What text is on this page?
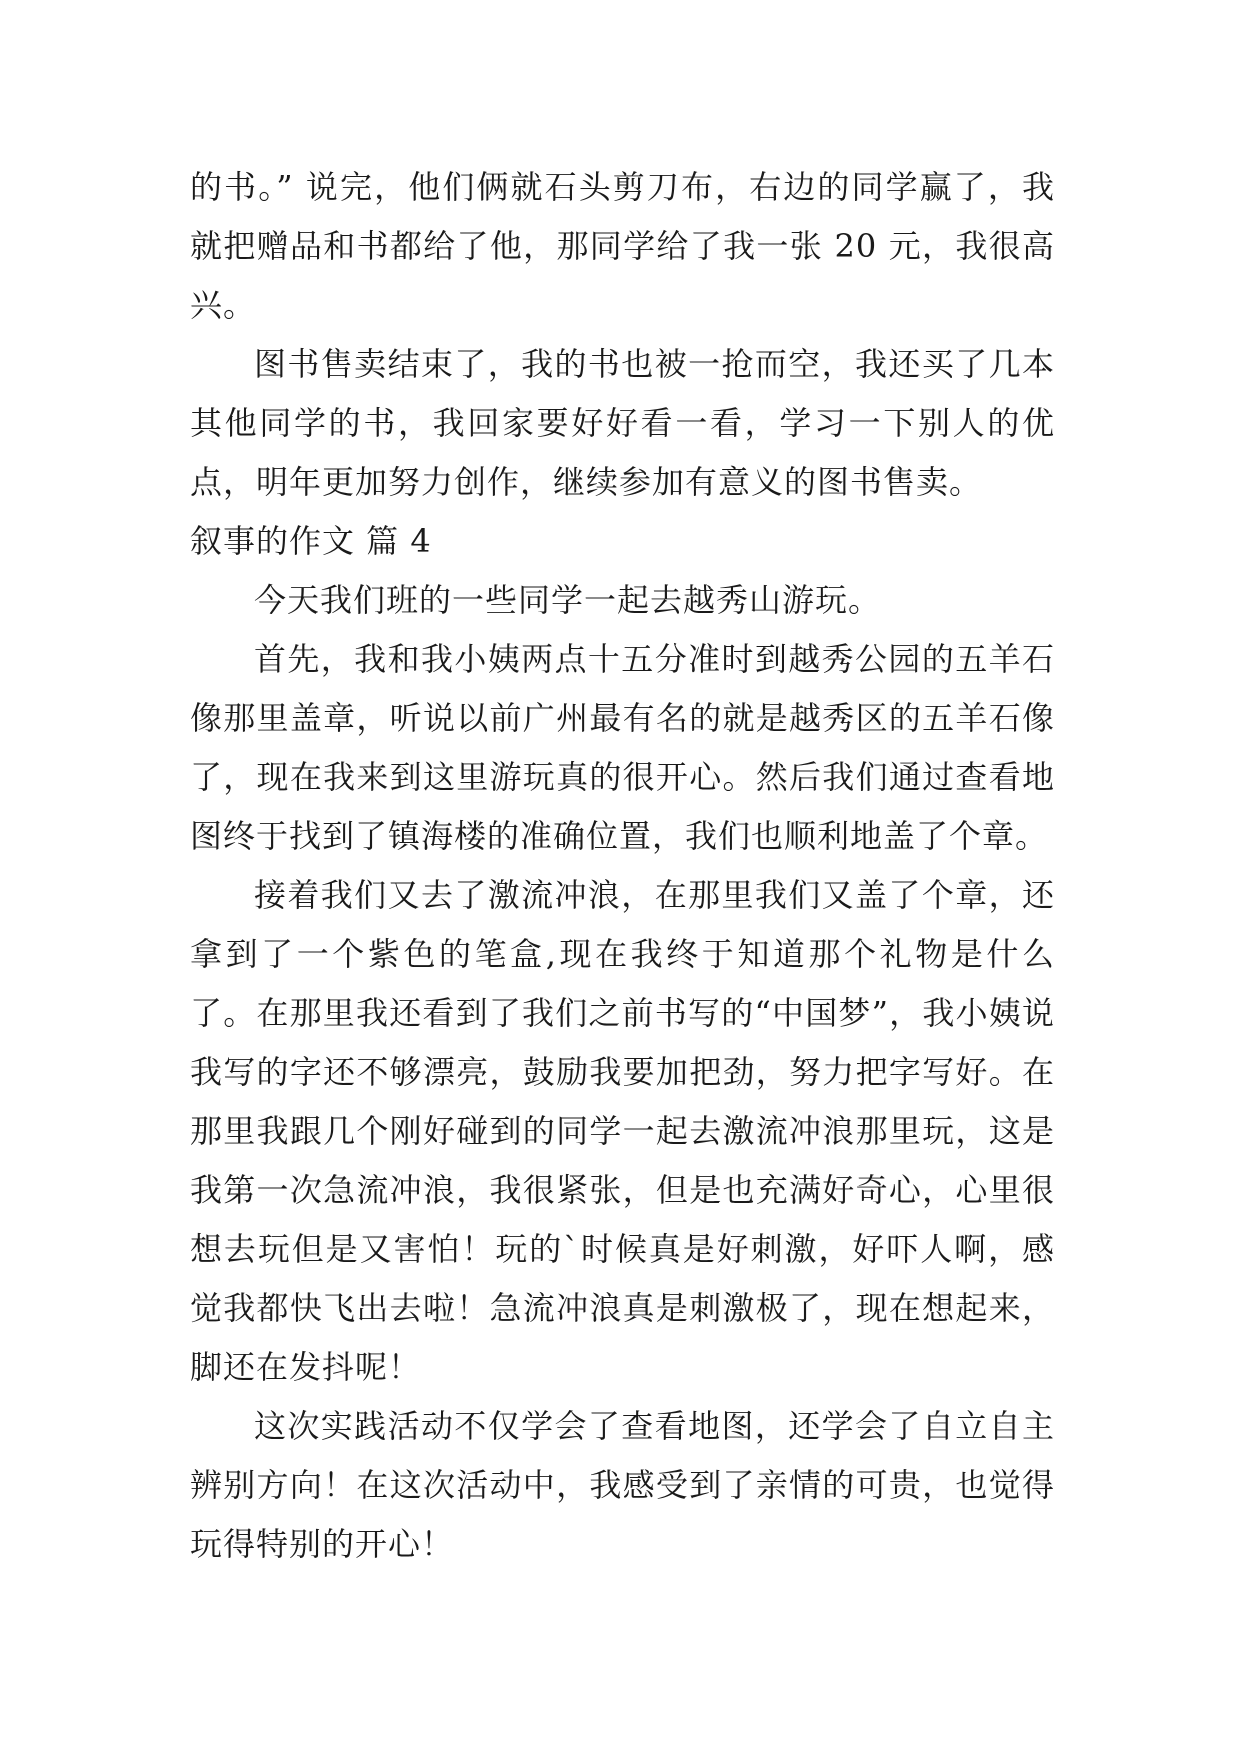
的书。” 说完，他们俩就石头剪刀布，右边的同学赢了，我就把赠品和书都给了他，那同学给了我一张 20 元，我很高兴。

图书售卖结束了，我的书也被一抢而空，我还买了几本其他同学的书，我回家要好好看一看，学习一下别人的优点，明年更加努力创作，继续参加有意义的图书售卖。

叙事的作文 篇 4

今天我们班的一些同学一起去越秀山游玩。

首先，我和我小姨两点十五分准时到越秀公园的五羊石像那里盖章，听说以前广州最有名的就是越秀区的五羊石像了，现在我来到这里游玩真的很开心。然后我们通过查看地图终于找到了镇海楼的准确位置，我们也顺利地盖了个章。

接着我们又去了激流冲浪，在那里我们又盖了个章，还拿到了一个紫色的笔盒,现在我终于知道那个礼物是什么了。在那里我还看到了我们之前书写的“中国梦”，我小姨说我写的字还不够漂亮，鼓励我要加把劲，努力把字写好。在那里我跟几个刚好碰到的同学一起去激流冲浪那里玩，这是我第一次急流冲浪，我很紧张，但是也充满好奇心，心里很想去玩但是又害怕！玩的`时候真是好刺激，好吓人啊，感觉我都快飞出去啦！急流冲浪真是刺激极了，现在想起来，脚还在发抖呢！

这次实践活动不仅学会了查看地图，还学会了自立自主辨别方向！在这次活动中，我感受到了亲情的可贵，也觉得玩得特别的开心！
